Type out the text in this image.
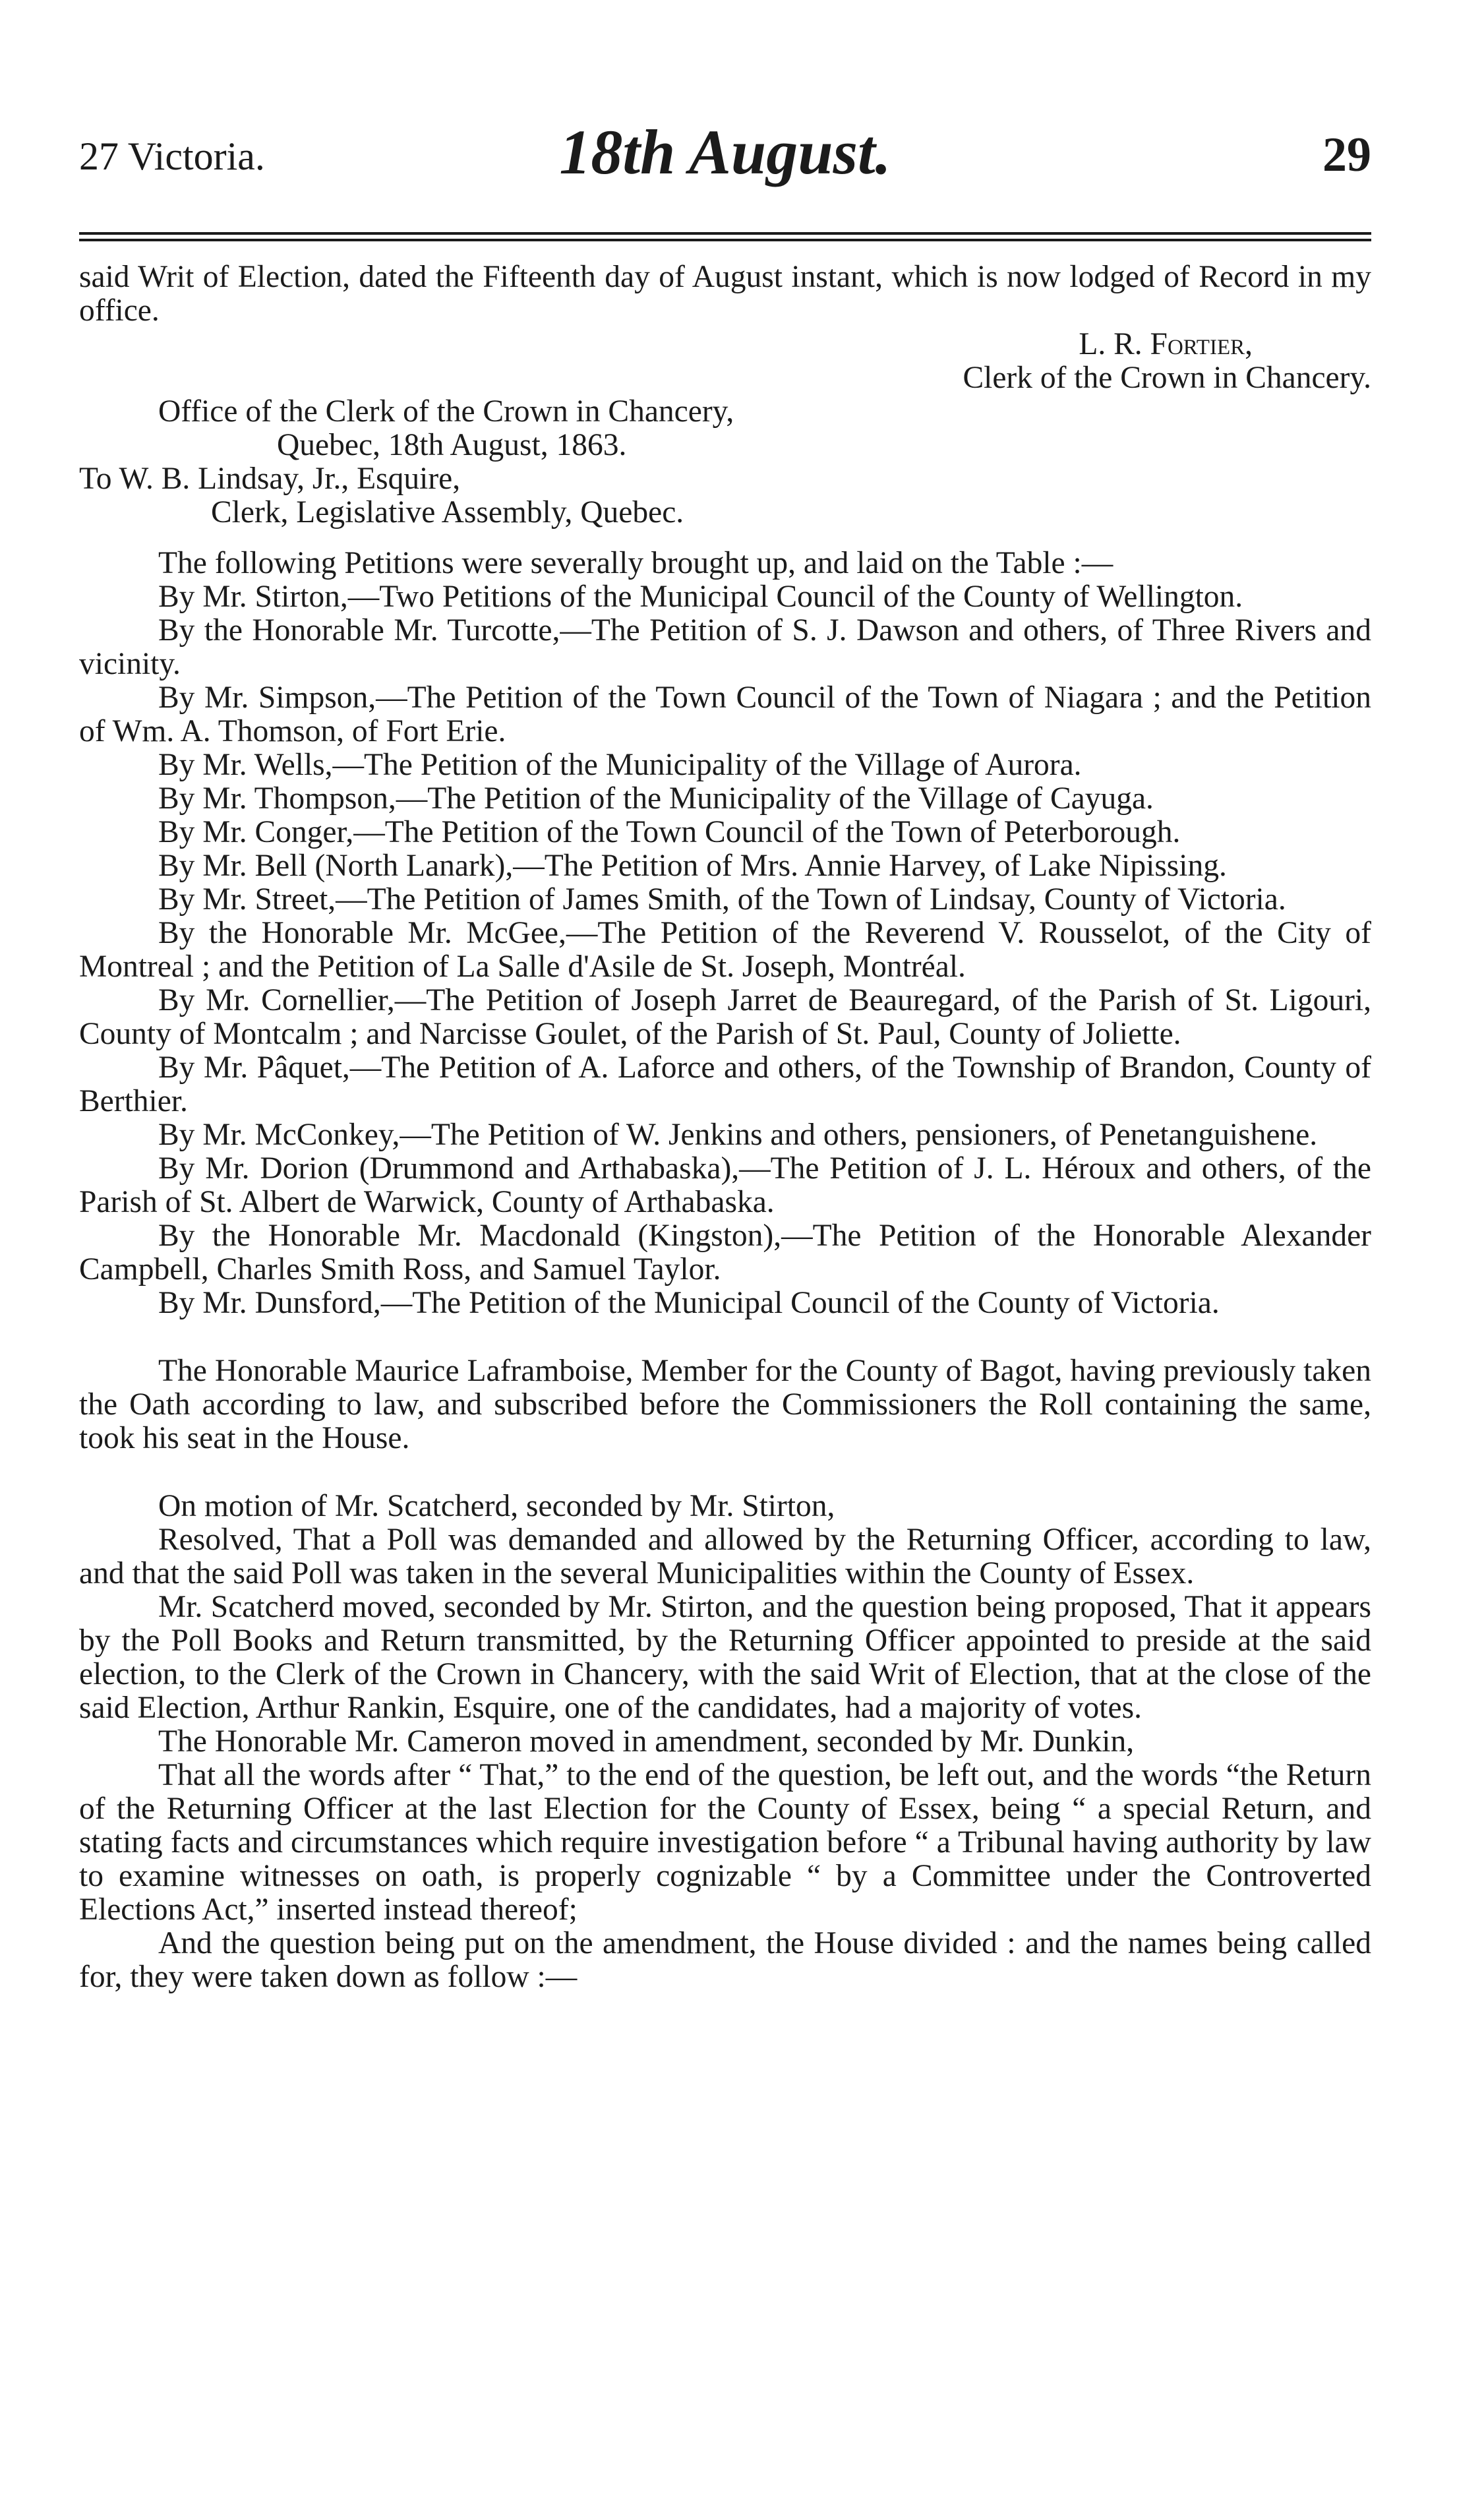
27 Victoria.	18th August.	29

said Writ of Election, dated the Fifteenth day of August instant, which is now lodged of Record in my office.

L. R. Fortier,

Clerk of the Crown in Chancery.

Office of the Clerk of the Crown in Chancery,

Quebec, 18th August, 1863.

To W. B. Lindsay, Jr., Esquire,

Clerk, Legislative Assembly, Quebec.

The following Petitions were severally brought up, and laid on the Table :—

By Mr. Stirton,—Two Petitions of the Municipal Council of the County of Wellington.

By the Honorable Mr. Turcotte,—The Petition of S. J. Dawson and others, of Three Rivers and vicinity.

By Mr. Simpson,—The Petition of the Town Council of the Town of Niagara ; and the Petition of Wm. A. Thomson, of Fort Erie.

By Mr. Wells,—The Petition of the Municipality of the Village of Aurora.

By Mr. Thompson,—The Petition of the Municipality of the Village of Cayuga.

By Mr. Conger,—The Petition of the Town Council of the Town of Peterborough.

By Mr. Bell (North Lanark),—The Petition of Mrs. Annie Harvey, of Lake Nipissing.

By Mr. Street,—The Petition of James Smith, of the Town of Lindsay, County of Victoria.

By the Honorable Mr. McGee,—The Petition of the Reverend V. Rousselot, of the City of Montreal ; and the Petition of La Salle d'Asile de St. Joseph, Montréal.

By Mr. Cornellier,—The Petition of Joseph Jarret de Beauregard, of the Parish of St. Ligouri, County of Montcalm ; and Narcisse Goulet, of the Parish of St. Paul, County of Joliette.

By Mr. Pâquet,—The Petition of A. Laforce and others, of the Township of Brandon, County of Berthier.

By Mr. McConkey,—The Petition of W. Jenkins and others, pensioners, of Penetanguishene.

By Mr. Dorion (Drummond and Arthabaska),—The Petition of J. L. Héroux and others, of the Parish of St. Albert de Warwick, County of Arthabaska.

By the Honorable Mr. Macdonald (Kingston),—The Petition of the Honorable Alexander Campbell, Charles Smith Ross, and Samuel Taylor.

By Mr. Dunsford,—The Petition of the Municipal Council of the County of Victoria.

The Honorable Maurice Laframboise, Member for the County of Bagot, having previously taken the Oath according to law, and subscribed before the Commissioners the Roll containing the same, took his seat in the House.

On motion of Mr. Scatcherd, seconded by Mr. Stirton,

Resolved, That a Poll was demanded and allowed by the Returning Officer, according to law, and that the said Poll was taken in the several Municipalities within the County of Essex.

Mr. Scatcherd moved, seconded by Mr. Stirton, and the question being proposed, That it appears by the Poll Books and Return transmitted, by the Returning Officer appointed to preside at the said election, to the Clerk of the Crown in Chancery, with the said Writ of Election, that at the close of the said Election, Arthur Rankin, Esquire, one of the candidates, had a majority of votes.

The Honorable Mr. Cameron moved in amendment, seconded by Mr. Dunkin,

That all the words after “ That,” to the end of the question, be left out, and the words “the Return of the Returning Officer at the last Election for the County of Essex, being “ a special Return, and stating facts and circumstances which require investigation before “ a Tribunal having authority by law to examine witnesses on oath, is properly cognizable “ by a Committee under the Controverted Elections Act,” inserted instead thereof;

And the question being put on the amendment, the House divided : and the names being called for, they were taken down as follow :—
